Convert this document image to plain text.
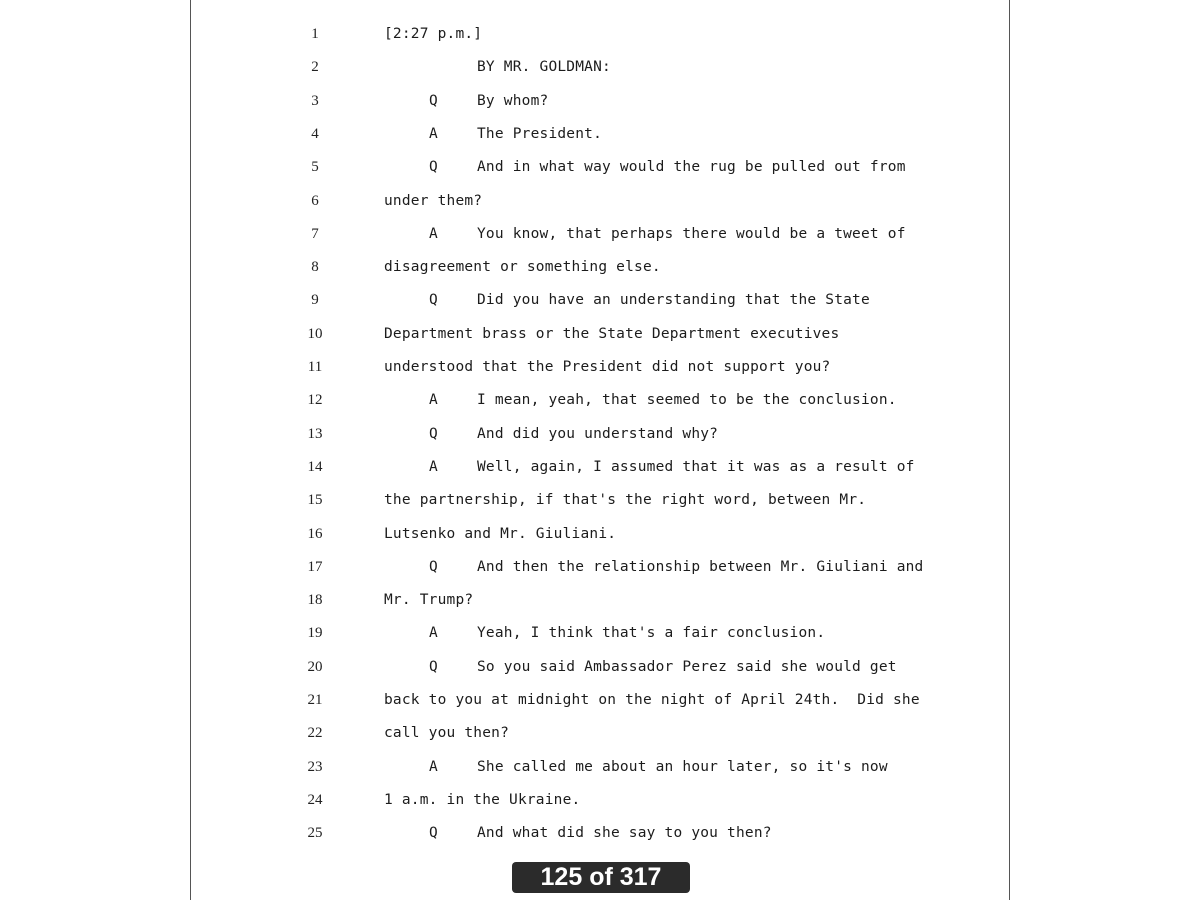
1	[2:27 p.m.]
2	BY MR. GOLDMAN:
3	Q	By whom?
4	A	The President.
5	Q	And in what way would the rug be pulled out from
6	under them?
7	A	You know, that perhaps there would be a tweet of
8	disagreement or something else.
9	Q	Did you have an understanding that the State
10	Department brass or the State Department executives
11	understood that the President did not support you?
12	A	I mean, yeah, that seemed to be the conclusion.
13	Q	And did you understand why?
14	A	Well, again, I assumed that it was as a result of
15	the partnership, if that's the right word, between Mr.
16	Lutsenko and Mr. Giuliani.
17	Q	And then the relationship between Mr. Giuliani and
18	Mr. Trump?
19	A	Yeah, I think that's a fair conclusion.
20	Q	So you said Ambassador Perez said she would get
21	back to you at midnight on the night of April 24th.  Did she
22	call you then?
23	A	She called me about an hour later, so it's now
24	1 a.m. in the Ukraine.
25	Q	And what did she say to you then?
125 of 317
